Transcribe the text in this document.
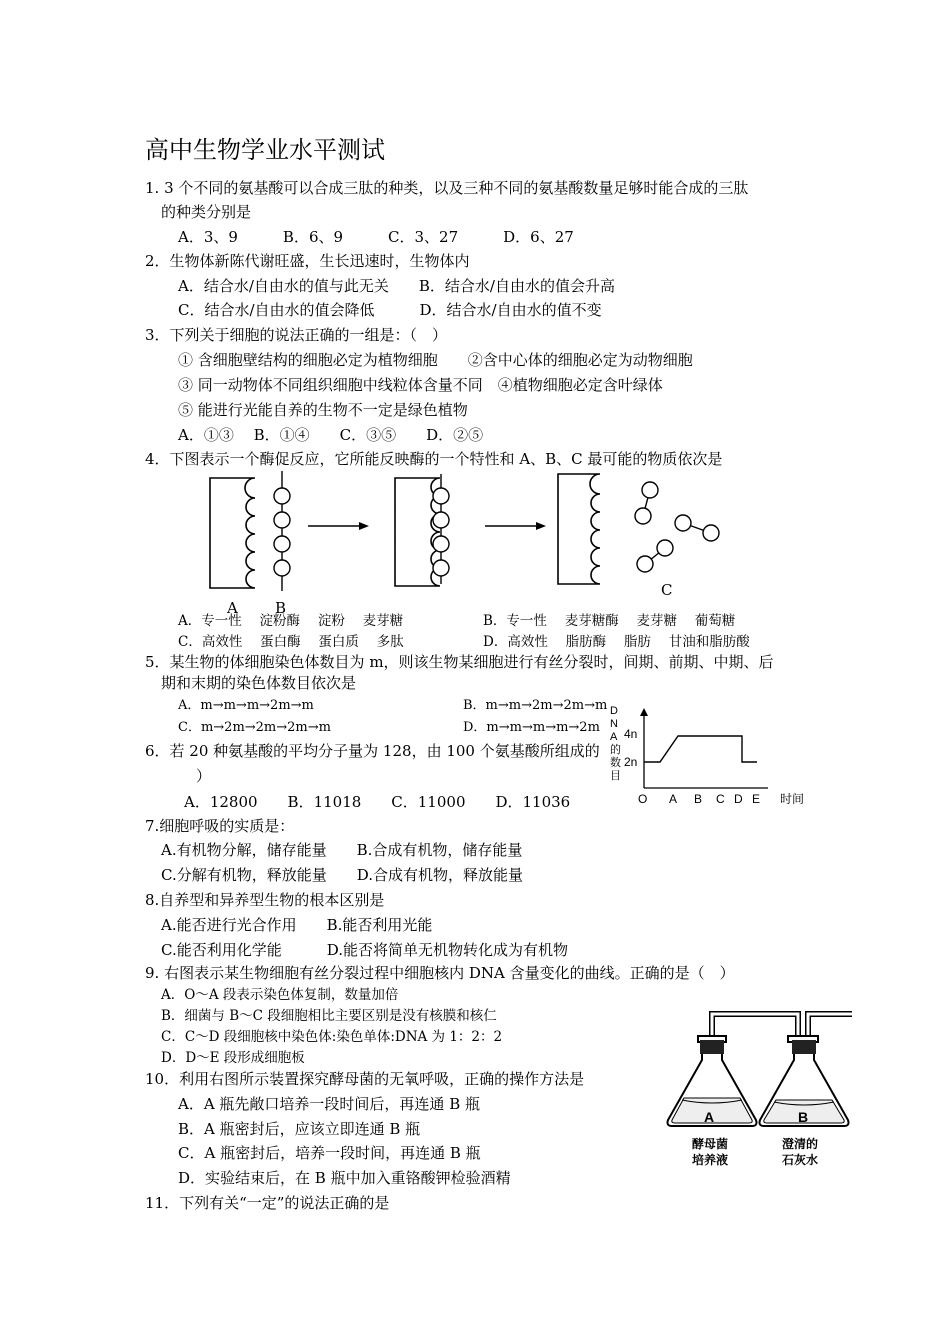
高中生物学业水平测试
1. 3 个不同的氨基酸可以合成三肽的种类，以及三种不同的氨基酸数量足够时能合成的三肽
的种类分别是
A．3、9　　　B．6、9　　　C．3、27　　　D．6、27
2．生物体新陈代谢旺盛，生长迅速时，生物体内
A．结合水/自由水的值与此无关　　B．结合水/自由水的值会升高
C．结合水/自由水的值会降低　　　D．结合水/自由水的值不变
3．下列关于细胞的说法正确的一组是：（　）
① 含细胞壁结构的细胞必定为植物细胞　　②含中心体的细胞必定为动物细胞
③ 同一动物体不同组织细胞中线粒体含量不同　④植物细胞必定含叶绿体
⑤ 能进行光能自养的生物不一定是绿色植物
A．①③　 B．①④　　C．③⑤　　D．②⑤
4．下图表示一个酶促反应，它所能反映酶的一个特性和 A、B、C 最可能的物质依次是
C
A B
A．专一性　 淀粉酶　 淀粉　 麦芽糖	B．专一性　 麦芽糖酶　 麦芽糖　 葡萄糖
C．高效性　 蛋白酶　 蛋白质　 多肽	D．高效性　 脂肪酶　 脂肪　 甘油和脂肪酸
5．某生物的体细胞染色体数目为 m，则该生物某细胞进行有丝分裂时，间期、前期、中期、后
期和末期的染色体数目依次是
A．m→m→m→2m→m	B．m→m→2m→2m→m
C．m→2m→2m→2m→m	D．m→m→m→m→2m
6．若 20 种氨基酸的平均分子量为 128，由 100 个氨基酸所组成的
）
A．12800　　B．11018　　C．11000　　D．11036
D
N
A
的
数
目
4n
2n
O A B C D E 时间
7.细胞呼吸的实质是：
A.有机物分解，储存能量　　B.合成有机物，储存能量
C.分解有机物，释放能量　　D.合成有机物，释放能量
8.自养型和异养型生物的根本区别是
A.能否进行光合作用　　B.能否利用光能
C.能否利用化学能　　　D.能否将简单无机物转化成为有机物
9. 右图表示某生物细胞有丝分裂过程中细胞核内 DNA 含量变化的曲线。正确的是（　）
A．O～A 段表示染色体复制，数量加倍
B．细菌与 B～C 段细胞相比主要区别是没有核膜和核仁
C．C～D 段细胞核中染色体:染色单体:DNA 为 1：2：2
D．D～E 段形成细胞板
A	B
酵母菌
培养液
澄清的
石灰水
10．利用右图所示装置探究酵母菌的无氧呼吸，正确的操作方法是
A．A 瓶先敞口培养一段时间后，再连通 B 瓶
B．A 瓶密封后，应该立即连通 B 瓶
C．A 瓶密封后，培养一段时间，再连通 B 瓶
D．实验结束后，在 B 瓶中加入重铬酸钾检验酒精
11．下列有关“一定”的说法正确的是
